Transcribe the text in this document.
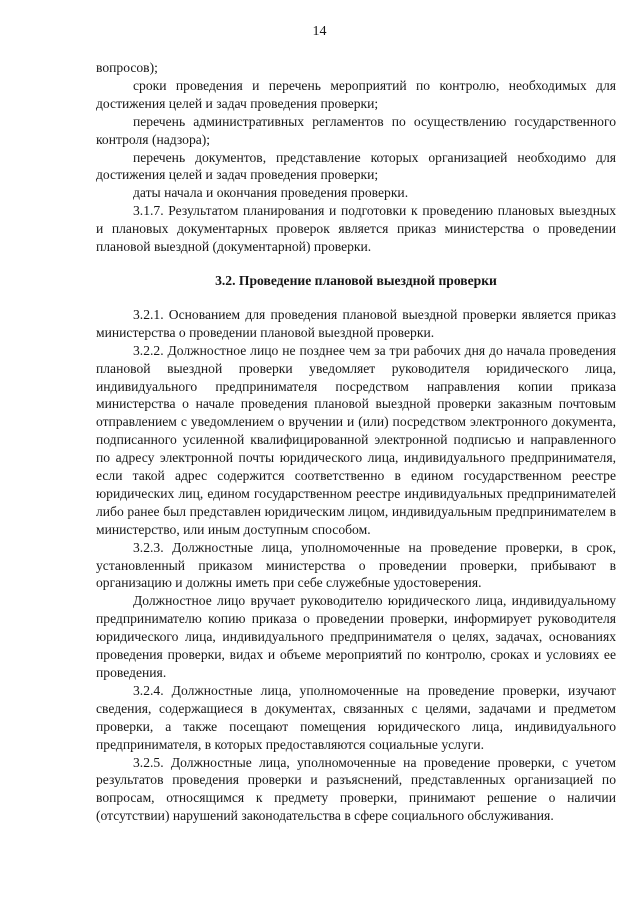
14

вопросов);

сроки проведения и перечень мероприятий по контролю, необходимых для достижения целей и задач проведения проверки;

перечень административных регламентов по осуществлению государственного контроля (надзора);

перечень документов, представление которых организацией необходимо для достижения целей и задач проведения проверки;

даты начала и окончания проведения проверки.

3.1.7. Результатом планирования и подготовки к проведению плановых выездных и плановых документарных проверок является приказ министерства о проведении плановой выездной (документарной) проверки.

3.2. Проведение плановой выездной проверки

3.2.1. Основанием для проведения плановой выездной проверки является приказ министерства о проведении плановой выездной проверки.

3.2.2. Должностное лицо не позднее чем за три рабочих дня до начала проведения плановой выездной проверки уведомляет руководителя юридического лица, индивидуального предпринимателя посредством направления копии приказа министерства о начале проведения плановой выездной проверки заказным почтовым отправлением с уведомлением о вручении и (или) посредством электронного документа, подписанного усиленной квалифицированной электронной подписью и направленного по адресу электронной почты юридического лица, индивидуального предпринимателя, если такой адрес содержится соответственно в едином государственном реестре юридических лиц, едином государственном реестре индивидуальных предпринимателей либо ранее был представлен юридическим лицом, индивидуальным предпринимателем в министерство, или иным доступным способом.

3.2.3. Должностные лица, уполномоченные на проведение проверки, в срок, установленный приказом министерства о проведении проверки, прибывают в организацию и должны иметь при себе служебные удостоверения.

Должностное лицо вручает руководителю юридического лица, индивидуальному предпринимателю копию приказа о проведении проверки, информирует руководителя юридического лица, индивидуального предпринимателя о целях, задачах, основаниях проведения проверки, видах и объеме мероприятий по контролю, сроках и условиях ее проведения.

3.2.4. Должностные лица, уполномоченные на проведение проверки, изучают сведения, содержащиеся в документах, связанных с целями, задачами и предметом проверки, а также посещают помещения юридического лица, индивидуального предпринимателя, в которых предоставляются социальные услуги.

3.2.5. Должностные лица, уполномоченные на проведение проверки, с учетом результатов проведения проверки и разъяснений, представленных организацией по вопросам, относящимся к предмету проверки, принимают решение о наличии (отсутствии) нарушений законодательства в сфере социального обслуживания.
